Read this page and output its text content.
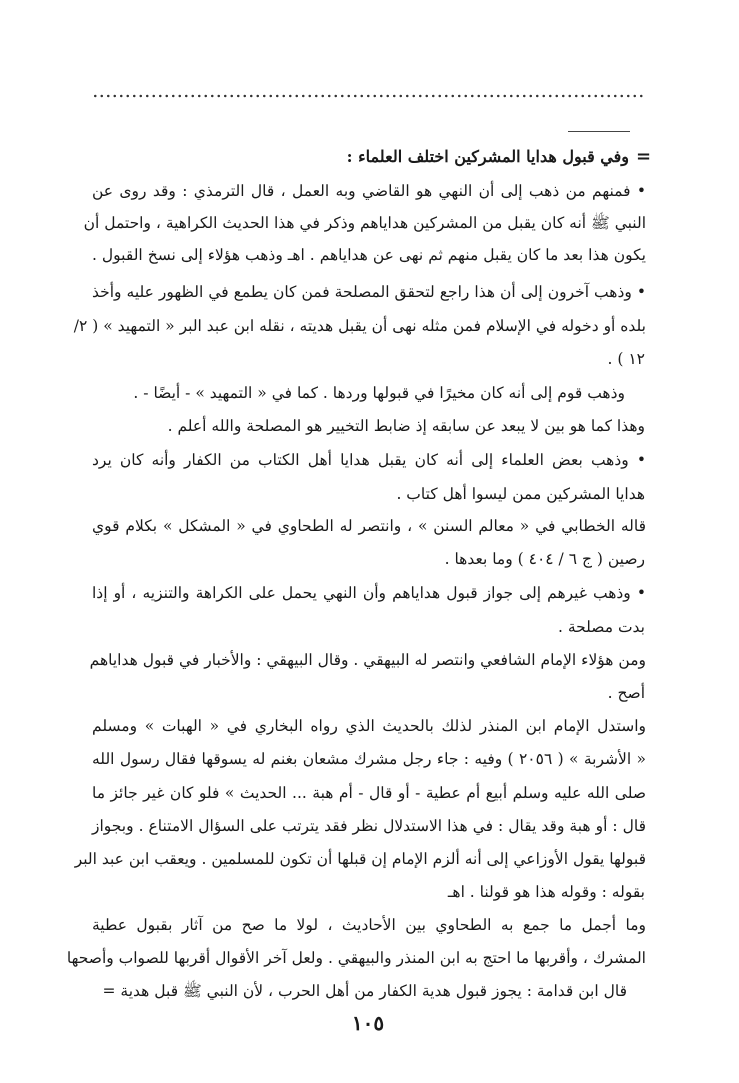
=
وفي قبول هدايا المشركين اختلف العلماء :
• فمنهم من ذهب إلى أن النهي هو القاضي وبه العمل ، قال الترمذي : وقد روى عن
النبي ﷺ أنه كان يقبل من المشركين هداياهم وذكر في هذا الحديث الكراهية ، واحتمل أن
يكون هذا بعد ما كان يقبل منهم ثم نهى عن هداياهم . اهـ وذهب هؤلاء إلى نسخ القبول .
• وذهب آخرون إلى أن هذا راجع لتحقق المصلحة فمن كان يطمع في الظهور عليه وأخذ
بلده أو دخوله في الإسلام فمن مثله نهى أن يقبل هديته ، نقله ابن عبد البر « التمهيد » ( ٢/
١٢ ) .
وذهب قوم إلى أنه كان مخيرًا في قبولها وردها . كما في « التمهيد » - أيضًا - .
وهذا كما هو بين لا يبعد عن سابقه إذ ضابط التخيير هو المصلحة والله أعلم .
• وذهب بعض العلماء إلى أنه كان يقبل هدايا أهل الكتاب من الكفار وأنه كان يرد
هدايا المشركين ممن ليسوا أهل كتاب .
قاله الخطابي في « معالم السنن » ، وانتصر له الطحاوي في « المشكل » بكلام قوي
رصين ( ج ٦ / ٤٠٤ ) وما بعدها .
• وذهب غيرهم إلى جواز قبول هداياهم وأن النهي يحمل على الكراهة والتنزيه ، أو إذا
بدت مصلحة .
ومن هؤلاء الإمام الشافعي وانتصر له البيهقي . وقال البيهقي : والأخبار في قبول هداياهم
أصح .
واستدل الإمام ابن المنذر لذلك بالحديث الذي رواه البخاري في « الهبات » ومسلم
« الأشربة » ( ٢٠٥٦ ) وفيه : جاء رجل مشرك مشعان بغنم له يسوقها فقال رسول الله
صلى الله عليه وسلم أبيع أم عطية - أو قال - أم هبة ... الحديث » فلو كان غير جائز ما
قال : أو هبة وقد يقال : في هذا الاستدلال نظر فقد يترتب على السؤال الامتناع . وبجواز
قبولها يقول الأوزاعي إلى أنه ألزم الإمام إن قبلها أن تكون للمسلمين . ويعقب ابن عبد البر
بقوله : وقوله هذا هو قولنا . اهـ
وما أجمل ما جمع به الطحاوي بين الأحاديث ، لولا ما صح من آثار بقبول عطية
المشرك ، وأقربها ما احتج به ابن المنذر والبيهقي . ولعل آخر الأقوال أقربها للصواب وأصحها
قال ابن قدامة : يجوز قبول هدية الكفار من أهل الحرب ، لأن النبي ﷺ قبل هدية =
١٠٥
